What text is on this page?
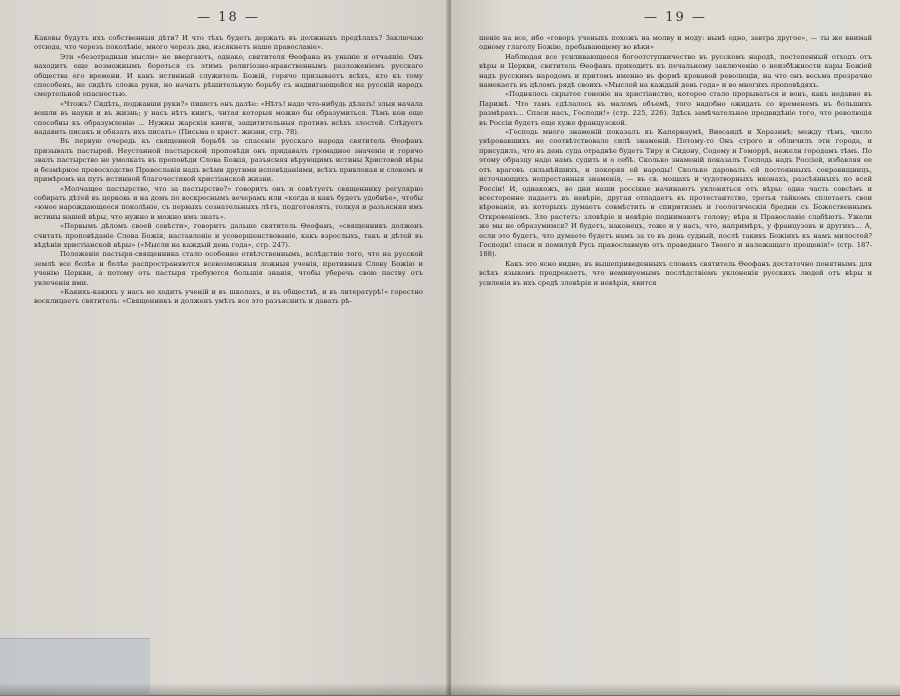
— 18 —

Каковы будутъ ихъ собственныя дѣти? И что тѣхъ будетъ держать въ должныхъ предѣлахъ? Заключаю отсюда, что черезъ поколѣніе, много черезъ два, изсякнетъ наше православіе».

Эти «безотрадныя мысли» не ввергаютъ, однако, святителя Ѳеофана въ уныніе и отчаяніе. Онъ находитъ еще возможнымъ бороться съ этимъ религіозно-нравственнымъ разложеніемъ русскаго общества его времени. И какъ истинный служитель Божій, горячо призываетъ всѣхъ, кто къ тому способенъ, не сидѣть сложа руки, но начать рѣшительную борьбу съ надвигающейся на русскій народъ смертельной опасностью.

«Чтожъ? Сидѣть, поджавши руки?» пишетъ онъ далѣе: «Нѣтъ! надо что-нибудь дѣлать! злыя начала вошли въ науки и въ жизнь; у насъ нѣтъ книгъ, читая которыя можно бы образумиться. Тѣмъ кои еще способны къ образумленію ... Нужны жарскія книги, защитительныя противъ всѣхъ злостей. Слѣдуетъ надавить писакъ и обязать ихъ писать» (Письма о христ. жизни, стр. 78).

Въ первую очередь къ священной борьбѣ за спасеніе русскаго народа святитель Ѳеофанъ призывалъ пастырей. Неустанной пастырской проповѣди онъ придавалъ громадное значеніе и горячо звалъ пастырство не умолкать въ проповѣди Слова Божія, разъясняя вѣрующимъ истины Христовой вѣры и безмѣрное превосходство Православія надъ всѣми другими исповѣданіями, всѣхъ привлекая и словомъ и примѣромъ на путь истинной благочестивой христіанской жизни.

«Молчащее пастырство, что за пастырство?» говоритъ онъ и совѣтуетъ священнику регулярно собирать дѣтей въ церковь и на домъ по воскреснымъ вечерамъ или «когда и какъ будетъ удобнѣе», чтобы «юное нарождающееся поколѣніе, съ первыхъ сознательныхъ лѣтъ, подготовлять, толкуя и разъясняя имъ истины нашей вѣры, что нужно и можно имъ знать».

«Первымъ дѣломъ своей совѣсти», говоритъ дальше святитель Ѳеофанъ, «священникъ долженъ считать проповѣданіе Слова Божія, наставленіе и усовершенствованіе, какъ взрослыхъ, такъ и дѣтей въ вѣдѣніи христіанской вѣры» («Мысли на каждый день года», стр. 247).

Положеніе пастыря-священника стало особенно отвѣтственнымъ, вслѣдствіе того, что на русской землѣ все болѣе и болѣе распространяются всевозможныя ложныя ученія, противныя Слову Божію и ученію Церкви, а потому отъ пастыря требуются большія знанія, чтобы уберечь свою паству отъ увлеченія ими.

«Какихъ-какихъ у насъ не ходитъ ученій и въ школахъ, и въ обществѣ, и въ литературѣ!» горестно восклицаетъ святитель: «Священникъ и долженъ умѣть все это разъяснить и давать рѣ-

— 19 —

шеніе на все, ибо «говоръ ученыхъ похожъ на молву и моду: нынѣ одно, завтра другое», — ты же внимай одному глаголу Божію, пребывающему во вѣки»

Наблюдая все усиливающееся богоотступничество въ русскомъ народѣ, постепенный отходъ отъ вѣры и Церкви, святитель Ѳеофанъ приходитъ къ печальному заключенію о неизбѣжности кары Божіей надъ русскимъ народомъ и притомъ именно въ формѣ кровавой революціи, на что онъ весьма прозрачно намекаетъ въ цѣломъ рядѣ своихъ «Мыслей на каждый день года» и во многихъ проповѣдяхъ.

«Поднялось скрытое гоненіе на христіанство, которое стало прорываться и вонъ, какъ недавно въ Парижѣ. Что тамъ сдѣлалось въ маломъ объемѣ, того надобно ожидать со временемъ въ большихъ размѣрахъ... Спаси насъ, Господи!» (стр. 225, 226). Здѣсь замѣчательное предвидѣніе того, что революція въ Россіи будетъ еще хуже французской.

«Господь много знаменій показалъ въ Капернаумѣ, Виѳсаидѣ и Хоразинѣ; между тѣмъ, число увѣровавшихъ не соотвѣтствовало силѣ знаменій. Потому-то Онъ строго и обличилъ эти города, и присудилъ, что въ день суда отраднѣе будетъ Тиру и Сидону, Содому и Гоморрѣ, нежели городамъ тѣмъ. По этому образцу надо намъ судить и о себѣ. Сколько знаменій показалъ Господь надъ Россіей, избавляя ее отъ враговъ сильнѣйшихъ, и покоряя ей народы! Сколько даровалъ ей постоянныхъ сокровищницъ, источающихъ непрестанныя знаменія, — въ св. мощахъ и чудотворныхъ иконахъ, разсѣянныхъ по всей Россіи! И, однакожъ, во дни наши россіяне начинаютъ уклоняться отъ вѣры: одна часть совсѣмъ и всесторонне падаетъ въ невѣріе, другая отпадаетъ въ протестантство, третья тайкомъ сплетаетъ свои вѣрованія, въ которыхъ думаетъ совмѣстить и спиритизмъ и геологическія бредни съ Божественнымъ Откровеніемъ. Зло растетъ: зловѣріе и невѣріе поднимаютъ голову; вѣра и Православіе слабѣютъ. Ужели же мы не образумимся? И будетъ, наконецъ, тоже и у насъ, что, напримѣръ, у французовъ и другихъ... А, если это будетъ, что думаете будетъ намъ за то въ день судный, послѣ такихъ Божіихъ къ намъ милостей? Господи! спаси и помилуй Русь православную отъ праведнаго Твоего и належащаго прещенія!» (стр. 187-188).

Какъ это ясно видно, въ вышеприведенныхъ словахъ святитель Ѳеофанъ достаточно понятнымъ для всѣхъ языкомъ предрекаетъ, что неминуемымъ послѣдствіемъ уклоненія русскихъ людей отъ вѣры и усиленія въ ихъ средѣ зловѣрія и невѣрія, явится
